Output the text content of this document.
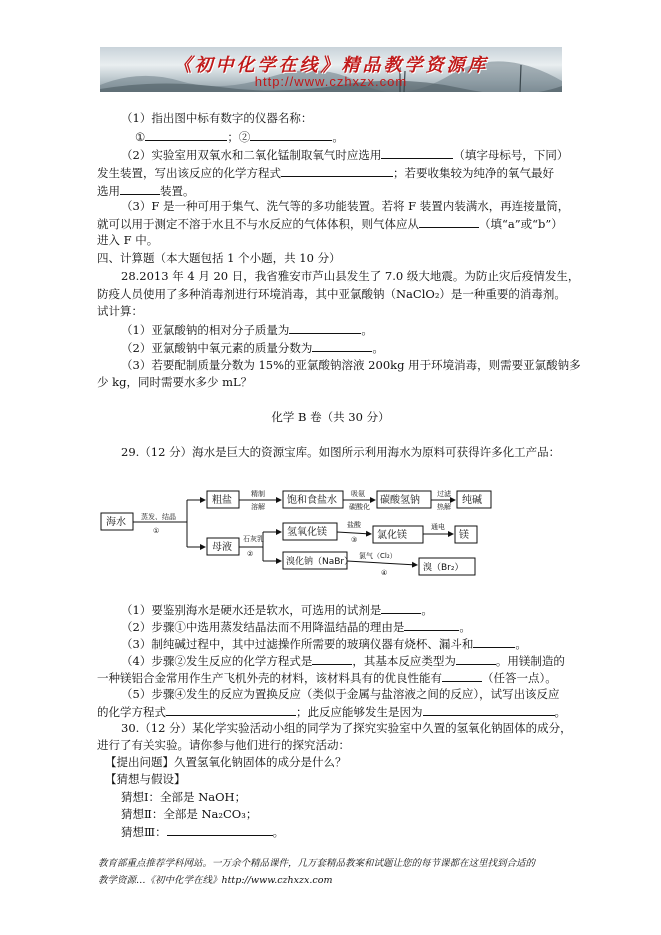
《初中化学在线》精品教学资源库
http://www.czhxzx.com
（1）指出图中标有数字的仪器名称：
①	；②	。
（2）实验室用双氧水和二氧化锰制取氧气时应选用	（填字母标号，下同）
发生装置，写出该反应的化学方程式	；若要收集较为纯净的氧气最好
选用	装置。
（3）F 是一种可用于集气、洗气等的多功能装置。若将 F 装置内装满水，再连接量筒，
就可以用于测定不溶于水且不与水反应的气体体积，则气体应从	（填“a”或“b”）
进入 F 中。
四、计算题（本大题包括 1 个小题，共 10 分）
28.2013 年 4 月 20 日，我省雅安市芦山县发生了 7.0 级大地震。为防止灾后疫情发生，
防疫人员使用了多种消毒剂进行环境消毒，其中亚氯酸钠（NaClO₂）是一种重要的消毒剂。
试计算：
（1）亚氯酸钠的相对分子质量为	。
（2）亚氯酸钠中氧元素的质量分数为	。
（3）若要配制质量分数为 15%的亚氯酸钠溶液 200kg 用于环境消毒，则需要亚氯酸钠多
少 kg，同时需要水多少 mL？
化学 B 卷（共 30 分）
29.（12 分）海水是巨大的资源宝库。如图所示利用海水为原料可获得许多化工产品：
海水 蒸发、结晶
①
粗盐
精制
溶解
饱和食盐水
吸氨
碳酸化
碳酸氢钠
过滤
热解
纯碱
母液
石灰乳
②
氢氧化镁
盐酸
③ 氯化镁
通电
镁
溴化钠（NaBr）
氯气（Cl₂）
④	溴（Br₂）
（1）要鉴别海水是硬水还是软水，可选用的试剂是	。
（2）步骤①中选用蒸发结晶法而不用降温结晶的理由是	。
（3）制纯碱过程中，其中过滤操作所需要的玻璃仪器有烧杯、漏斗和	。
（4）步骤②发生反应的化学方程式是	，其基本反应类型为	。用镁制造的
一种镁铝合金常用作生产飞机外壳的材料，该材料具有的优良性能有	（任答一点）。
（5）步骤④发生的反应为置换反应（类似于金属与盐溶液之间的反应），试写出该反应
的化学方程式	；此反应能够发生是因为	。
30.（12 分）某化学实验活动小组的同学为了探究实验室中久置的氢氧化钠固体的成分，
进行了有关实验。请你参与他们进行的探究活动：
【提出问题】久置氢氧化钠固体的成分是什么？
【猜想与假设】
猜想Ⅰ：全部是 NaOH；
猜想Ⅱ：全部是 Na₂CO₃；
猜想Ⅲ：	。
教育部重点推荐学科网站。一万余个精品课件，几万套精品教案和试题让您的每节课都在这里找到合适的
教学资源…《初中化学在线》http://www.czhxzx.com
